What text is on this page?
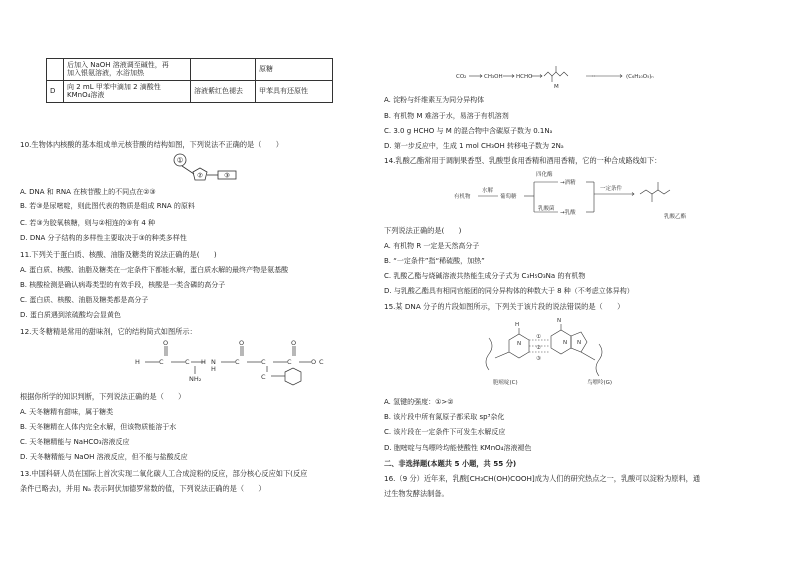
	后加入 NaOH 溶液调至碱性，再
加入银氨溶液，水浴加热		原糖
D	向 2 mL 甲苯中滴加 2 滴酸性
KMnO₄溶液	溶液紫红色褪去	甲苯具有还原性
10.生物体内核酸的基本组成单元核苷酸的结构如图，下列说法不正确的是（　　）
①
②	③
A. DNA 和 RNA 在核苷酸上的不同点在②③
B. 若③是尿嘧啶，则此图代表的物质是组成 RNA 的原料
C. 若③为胶氧核糖，则与②相连的③有 4 种
D. DNA 分子结构的多样性主要取决于③的种类多样性
11.下列关于蛋白质、核酸、油脂及糖类的说法正确的是(　　)
A. 蛋白质、核酸、油脂及糖类在一定条件下都能水解，蛋白质水解的最终产物是氨基酸
B. 核酸检测是确认病毒类型的有效手段，核酸是一类含磷的高分子
C. 蛋白质、核酸、油脂及糖类都是高分子
D. 蛋白质遇到浓硫酸均会显黄色
12.天冬糖精是常用的甜味剂，它的结构简式如图所示：
H	C
O
C H
NH₂
N
H
C
O
C
C
C
O
O C
根据你所学的知识判断，下列说法正确的是（　　）
A. 天冬糖精有甜味，属于糖类
B. 天冬糖精在人体内完全水解，但该物质能溶于水
C. 天冬糖精能与 NaHCO₃溶液反应
D. 天冬糖精能与 NaOH 溶液反应，但不能与盐酸反应
13.中国科研人员在国际上首次实现二氧化碳人工合成淀粉的反应，部分核心反应如下(反应
条件已略去)，并用 Nₐ 表示阿伏加德罗常数的值，下列说法正确的是（　　）
CO₂	CH₃OH HCHO	(C₆H₁₀O₅)ₙ
M
A. 淀粉与纤维素互为同分异构体
B. 有机物 M 难溶于水，易溶于有机溶剂
C. 3.0 g HCHO 与 M 的混合物中含碳原子数为 0.1Nₐ
D. 第一步反应中，生成 1 mol CH₃OH 转移电子数为 2Nₐ
14.乳酸乙酯常用于调制果香型、乳酸型食用香精和酒用香精，它的一种合成路线如下：
有机物
水解
葡萄糖
四化酶
乳酸菌
→酒精
→乳酸
一定条件
乳酸乙酯
下列说法正确的是(　　)
A. 有机物 R 一定是天然高分子
B. “一定条件”指“稀硫酸，加热”
C. 乳酸乙酯与烧碱溶液共热能生成分子式为 C₃H₅O₃Na 的有机物
D. 与乳酸乙酯具有相同官能团的同分异构体的种数大于 8 种（不考虑立体异构）
15.某 DNA 分子的片段如图所示，下列关于该片段的说法错误的是（　　）
①
②
③
H
N
N
N N
胞嘧啶(C)	鸟嘌呤(G)
A. 氢键的强度：①>②
B. 该片段中所有氮原子都采取 sp³杂化
C. 该片段在一定条件下可发生水解反应
D. 胞嘧啶与鸟嘌呤均能使酸性 KMnO₄溶液褪色
二、非选择题(本题共 5 小题，共 55 分)
16.（9 分）近年来，乳酸[CH₃CH(OH)COOH]成为人们的研究热点之一，乳酸可以淀粉为原料，通
过生物发酵法制备。
